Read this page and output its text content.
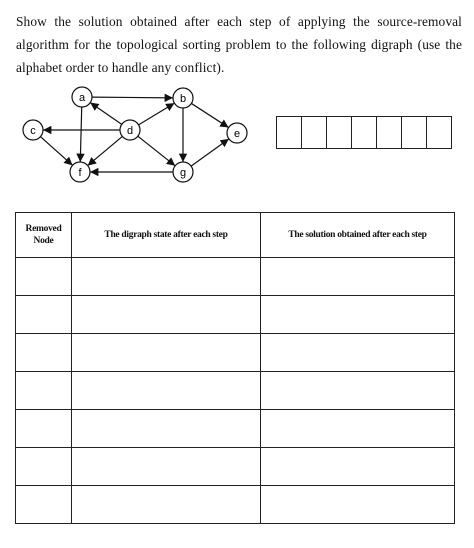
Show the solution obtained after each step of applying the source-removal algorithm for the topological sorting problem to the following digraph (use the alphabet order to handle any conflict).
a	b
c	d	e
f	g
Removed Node	The digraph state after each step	The solution obtained after each step
